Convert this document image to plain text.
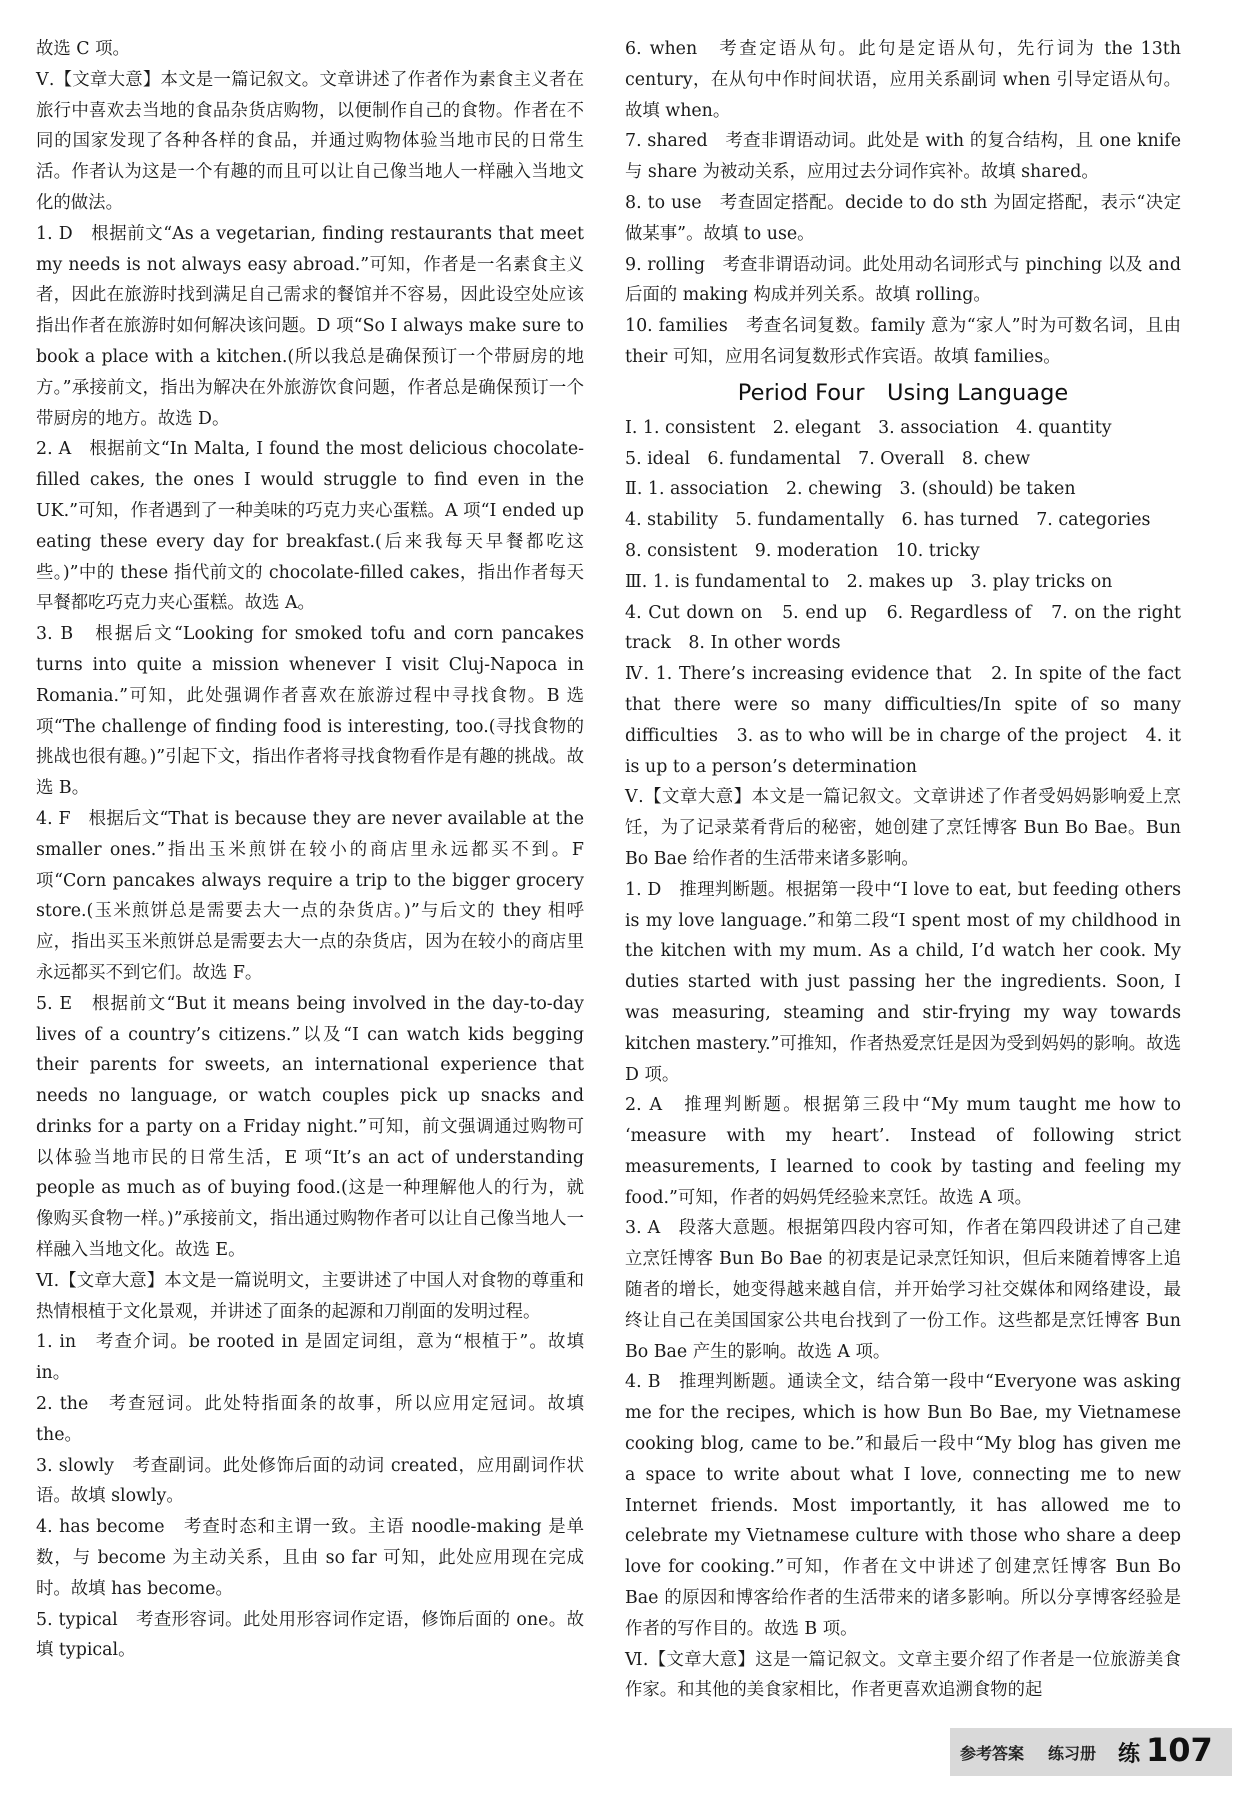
故选 C 项。

Ⅴ.【文章大意】本文是一篇记叙文。文章讲述了作者作为素食主义者在旅行中喜欢去当地的食品杂货店购物，以便制作自己的食物。作者在不同的国家发现了各种各样的食品，并通过购物体验当地市民的日常生活。作者认为这是一个有趣的而且可以让自己像当地人一样融入当地文化的做法。

1. D　根据前文“As a vegetarian, finding restaurants that meet my needs is not always easy abroad.”可知，作者是一名素食主义者，因此在旅游时找到满足自己需求的餐馆并不容易，因此设空处应该指出作者在旅游时如何解决该问题。D 项“So I always make sure to book a place with a kitchen.(所以我总是确保预订一个带厨房的地方。”承接前文，指出为解决在外旅游饮食问题，作者总是确保预订一个带厨房的地方。故选 D。

2. A　根据前文“In Malta, I found the most delicious chocolate-filled cakes, the ones I would struggle to find even in the UK.”可知，作者遇到了一种美味的巧克力夹心蛋糕。A 项“I ended up eating these every day for breakfast.(后来我每天早餐都吃这些。)”中的 these 指代前文的 chocolate-filled cakes，指出作者每天早餐都吃巧克力夹心蛋糕。故选 A。

3. B　根据后文“Looking for smoked tofu and corn pancakes turns into quite a mission whenever I visit Cluj-Napoca in Romania.”可知，此处强调作者喜欢在旅游过程中寻找食物。B 选项“The challenge of finding food is interesting, too.(寻找食物的挑战也很有趣。)”引起下文，指出作者将寻找食物看作是有趣的挑战。故选 B。

4. F　根据后文“That is because they are never available at the smaller ones.”指出玉米煎饼在较小的商店里永远都买不到。F 项“Corn pancakes always require a trip to the bigger grocery store.(玉米煎饼总是需要去大一点的杂货店。)”与后文的 they 相呼应，指出买玉米煎饼总是需要去大一点的杂货店，因为在较小的商店里永远都买不到它们。故选 F。

5. E　根据前文“But it means being involved in the day-to-day lives of a country’s citizens.”以及“I can watch kids begging their parents for sweets, an international experience that needs no language, or watch couples pick up snacks and drinks for a party on a Friday night.”可知，前文强调通过购物可以体验当地市民的日常生活，E 项“It’s an act of understanding people as much as of buying food.(这是一种理解他人的行为，就像购买食物一样。)”承接前文，指出通过购物作者可以让自己像当地人一样融入当地文化。故选 E。

Ⅵ.【文章大意】本文是一篇说明文，主要讲述了中国人对食物的尊重和热情根植于文化景观，并讲述了面条的起源和刀削面的发明过程。

1. in　考查介词。be rooted in 是固定词组，意为“根植于”。故填 in。

2. the　考查冠词。此处特指面条的故事，所以应用定冠词。故填 the。

3. slowly　考查副词。此处修饰后面的动词 created，应用副词作状语。故填 slowly。

4. has become　考查时态和主谓一致。主语 noodle-making 是单数，与 become 为主动关系，且由 so far 可知，此处应用现在完成时。故填 has become。

5. typical　考查形容词。此处用形容词作定语，修饰后面的 one。故填 typical。

6. when　考查定语从句。此句是定语从句，先行词为 the 13th century，在从句中作时间状语，应用关系副词 when 引导定语从句。故填 when。

7. shared　考查非谓语动词。此处是 with 的复合结构，且 one knife 与 share 为被动关系，应用过去分词作宾补。故填 shared。

8. to use　考查固定搭配。decide to do sth 为固定搭配，表示“决定做某事”。故填 to use。

9. rolling　考查非谓语动词。此处用动名词形式与 pinching 以及 and 后面的 making 构成并列关系。故填 rolling。

10. families　考查名词复数。family 意为“家人”时为可数名词，且由 their 可知，应用名词复数形式作宾语。故填 families。

Period Four　Using Language

Ⅰ. 1. consistent　2. elegant　3. association　4. quantity

5. ideal　6. fundamental　7. Overall　8. chew

Ⅱ. 1. association　2. chewing　3. (should) be taken

4. stability　5. fundamentally　6. has turned　7. categories

8. consistent　9. moderation　10. tricky

Ⅲ. 1. is fundamental to　2. makes up　3. play tricks on

4. Cut down on　5. end up　6. Regardless of　7. on the right track　8. In other words

Ⅳ. 1. There’s increasing evidence that　2. In spite of the fact that there were so many difficulties/In spite of so many difficulties　3. as to who will be in charge of the project　4. it is up to a person’s determination

Ⅴ.【文章大意】本文是一篇记叙文。文章讲述了作者受妈妈影响爱上烹饪，为了记录菜肴背后的秘密，她创建了烹饪博客 Bun Bo Bae。Bun Bo Bae 给作者的生活带来诸多影响。

1. D　推理判断题。根据第一段中“I love to eat, but feeding others is my love language.”和第二段“I spent most of my childhood in the kitchen with my mum. As a child, I’d watch her cook. My duties started with just passing her the ingredients. Soon, I was measuring, steaming and stir-frying my way towards kitchen mastery.”可推知，作者热爱烹饪是因为受到妈妈的影响。故选 D 项。

2. A　推理判断题。根据第三段中“My mum taught me how to ‘measure with my heart’. Instead of following strict measurements, I learned to cook by tasting and feeling my food.”可知，作者的妈妈凭经验来烹饪。故选 A 项。

3. A　段落大意题。根据第四段内容可知，作者在第四段讲述了自己建立烹饪博客 Bun Bo Bae 的初衷是记录烹饪知识，但后来随着博客上追随者的增长，她变得越来越自信，并开始学习社交媒体和网络建设，最终让自己在美国国家公共电台找到了一份工作。这些都是烹饪博客 Bun Bo Bae 产生的影响。故选 A 项。

4. B　推理判断题。通读全文，结合第一段中“Everyone was asking me for the recipes, which is how Bun Bo Bae, my Vietnamese cooking blog, came to be.”和最后一段中“My blog has given me a space to write about what I love, connecting me to new Internet friends. Most importantly, it has allowed me to celebrate my Vietnamese culture with those who share a deep love for cooking.”可知，作者在文中讲述了创建烹饪博客 Bun Bo Bae 的原因和博客给作者的生活带来的诸多影响。所以分享博客经验是作者的写作目的。故选 B 项。

Ⅵ.【文章大意】这是一篇记叙文。文章主要介绍了作者是一位旅游美食作家。和其他的美食家相比，作者更喜欢追溯食物的起

参考答案 练习册 练 107
